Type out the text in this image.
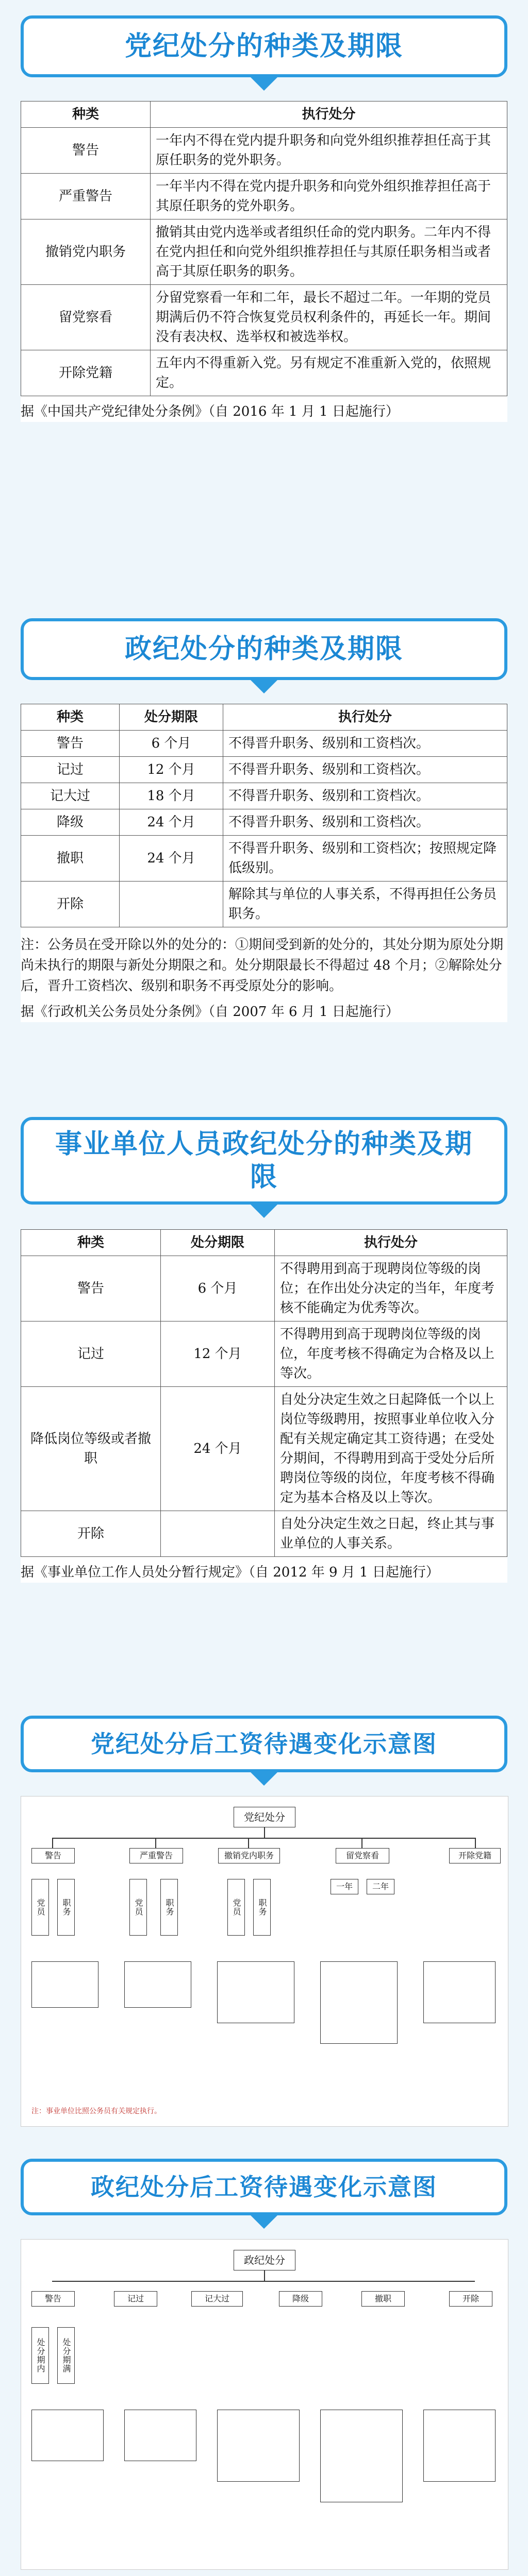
党纪处分的种类及期限
种类	执行处分
警告	一年内不得在党内提升职务和向党外组织推荐担任高于其原任职务的党外职务。
严重警告	一年半内不得在党内提升职务和向党外组织推荐担任高于其原任职务的党外职务。
撤销党内职务	撤销其由党内选举或者组织任命的党内职务。二年内不得在党内担任和向党外组织推荐担任与其原任职务相当或者高于其原任职务的职务。
留党察看	分留党察看一年和二年，最长不超过二年。一年期的党员期满后仍不符合恢复党员权利条件的，再延长一年。期间没有表决权、选举权和被选举权。
开除党籍	五年内不得重新入党。另有规定不准重新入党的，依照规定。
据《中国共产党纪律处分条例》（自 2016 年 1 月 1 日起施行）
政纪处分的种类及期限
种类	处分期限	执行处分
警告	6 个月	不得晋升职务、级别和工资档次。
记过	12 个月	不得晋升职务、级别和工资档次。
记大过	18 个月	不得晋升职务、级别和工资档次。
降级	24 个月	不得晋升职务、级别和工资档次。
撤职	24 个月	不得晋升职务、级别和工资档次；按照规定降低级别。
开除		解除其与单位的人事关系，不得再担任公务员职务。
注：公务员在受开除以外的处分的：①期间受到新的处分的，其处分期为原处分期尚未执行的期限与新处分期限之和。处分期限最长不得超过 48 个月；②解除处分后，晋升工资档次、级别和职务不再受原处分的影响。
据《行政机关公务员处分条例》（自 2007 年 6 月 1 日起施行）
事业单位人员政纪处分的种类及期限
种类	处分期限	执行处分
警告	6 个月	不得聘用到高于现聘岗位等级的岗位；在作出处分决定的当年，年度考核不能确定为优秀等次。
记过	12 个月	不得聘用到高于现聘岗位等级的岗位，年度考核不得确定为合格及以上等次。
降低岗位等级或者撤职	24 个月	自处分决定生效之日起降低一个以上岗位等级聘用，按照事业单位收入分配有关规定确定其工资待遇；在受处分期间，不得聘用到高于受处分后所聘岗位等级的岗位，年度考核不得确定为基本合格及以上等次。
开除		自处分决定生效之日起，终止其与事业单位的人事关系。
据《事业单位工作人员处分暂行规定》（自 2012 年 9 月 1 日起施行）
党纪处分后工资待遇变化示意图
党纪处分
警告	严重警告	撤销党内职务	留党察看	开除党籍
党员	职务	党员	职务	党员	职务
一年	二年
注：事业单位比照公务员有关规定执行。
政纪处分后工资待遇变化示意图
政纪处分
警告	记过	记大过	降级	撤职	开除
处分期内	处分期满
